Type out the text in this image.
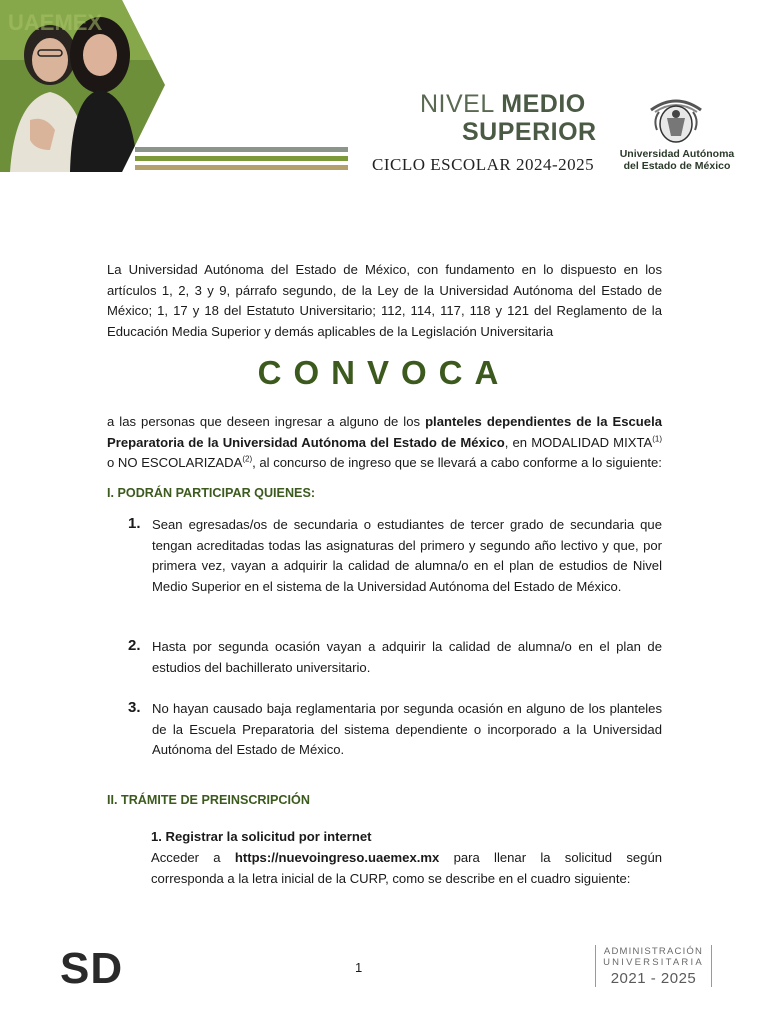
UAEMEX
NIVEL MEDIO
SUPERIOR
CICLO ESCOLAR 2024-2025
Universidad Autónoma
del Estado de México
La Universidad Autónoma del Estado de México, con fundamento en lo dispuesto en los artículos 1, 2, 3 y 9, párrafo segundo, de la Ley de la Universidad Autónoma del Estado de México; 1, 17 y 18 del Estatuto Universitario; 112, 114, 117, 118 y 121 del Reglamento de la Educación Media Superior y demás aplicables de la Legislación Universitaria
CONVOCA
a las personas que deseen ingresar a alguno de los planteles dependientes de la Escuela Preparatoria de la Universidad Autónoma del Estado de México, en MODALIDAD MIXTA$^{(1)}$ o NO ESCOLARIZADA$^{(2)}$, al concurso de ingreso que se llevará a cabo conforme a lo siguiente:
I. PODRÁN PARTICIPAR QUIENES:
1. Sean egresadas/os de secundaria o estudiantes de tercer grado de secundaria que tengan acreditadas todas las asignaturas del primero y segundo año lectivo y que, por primera vez, vayan a adquirir la calidad de alumna/o en el plan de estudios de Nivel Medio Superior en el sistema de la Universidad Autónoma del Estado de México.
2. Hasta por segunda ocasión vayan a adquirir la calidad de alumna/o en el plan de estudios del bachillerato universitario.
3. No hayan causado baja reglamentaria por segunda ocasión en alguno de los planteles de la Escuela Preparatoria del sistema dependiente o incorporado a la Universidad Autónoma del Estado de México.
II. TRÁMITE DE PREINSCRIPCIÓN
1. Registrar la solicitud por internet
Acceder a https://nuevoingreso.uaemex.mx para llenar la solicitud según corresponda a la letra inicial de la CURP, como se describe en el cuadro siguiente:
SD	1
ADMINISTRACIÓN
UNIVERSITARIA
2021 - 2025
